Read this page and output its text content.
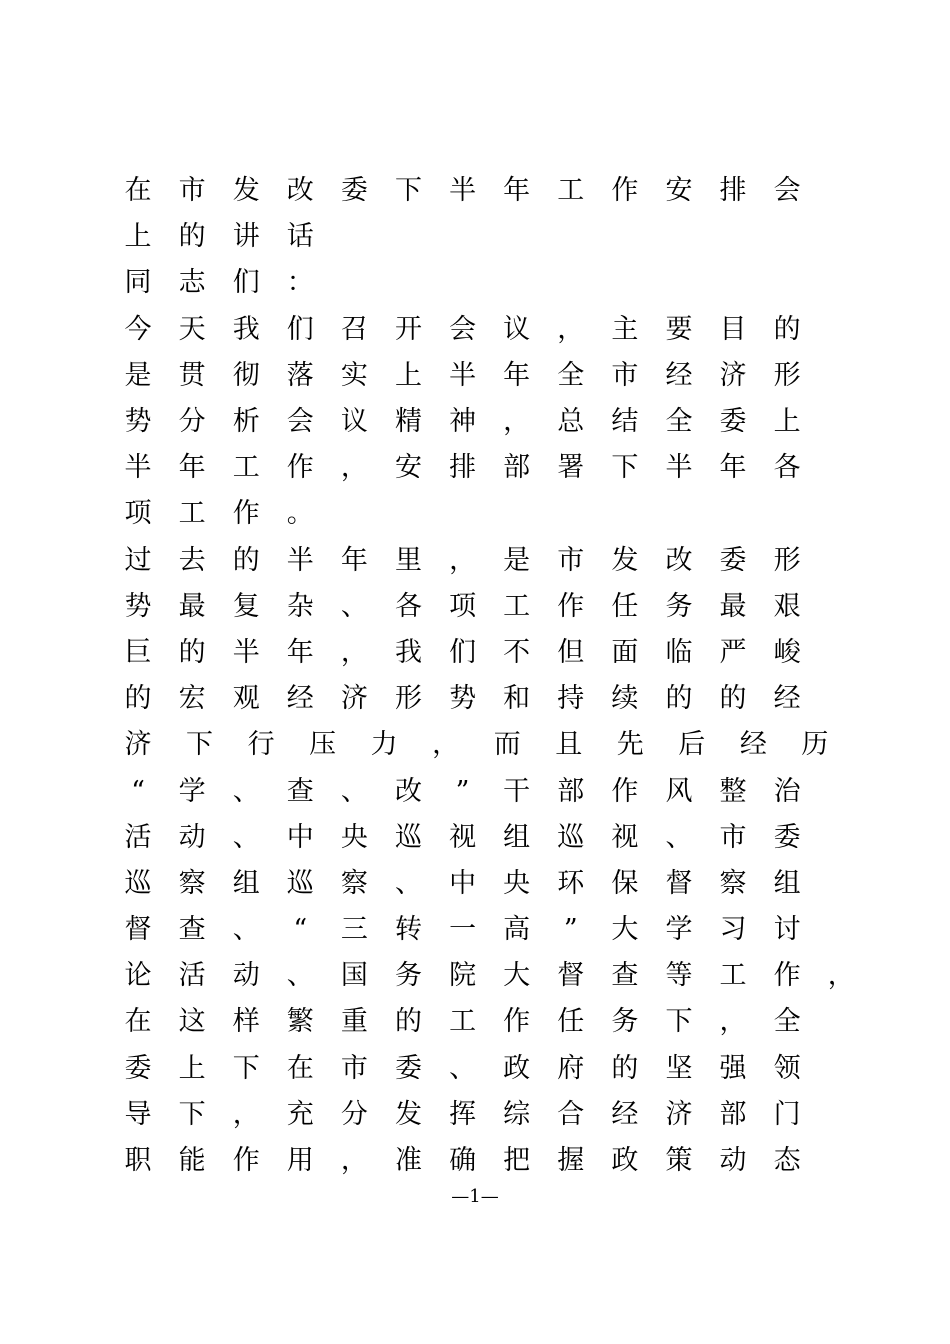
在 市 发 改 委 下 半 年 工 作 安 排 会
上 的 讲 话
同 志 们 ：
今 天 我 们 召 开 会 议 ， 主 要 目 的
是 贯 彻 落 实 上 半 年 全 市 经 济 形
势 分 析 会 议 精 神 ， 总 结 全 委 上
半 年 工 作 ， 安 排 部 署 下 半 年 各
项 工 作 。
过 去 的 半 年 里 ， 是 市 发 改 委 形
势 最 复 杂 、 各 项 工 作 任 务 最 艰
巨 的 半 年 ， 我 们 不 但 面 临 严 峻
的 宏 观 经 济 形 势 和 持 续 的 的 经
济 下 行 压 力 ， 而 且 先 后 经 历
“ 学 、 查 、 改 ” 干 部 作 风 整 治
活 动 、 中 央 巡 视 组 巡 视 、 市 委
巡 察 组 巡 察 、 中 央 环 保 督 察 组
督 查 、 “ 三 转 一 高 ” 大 学 习 讨
论 活 动 、 国 务 院 大 督 查 等 工 作 ，
在 这 样 繁 重 的 工 作 任 务 下 ， 全
委 上 下 在 市 委 、 政 府 的 坚 强 领
导 下 ， 充 分 发 挥 综 合 经 济 部 门
职 能 作 用 ， 准 确 把 握 政 策 动 态
—1—
